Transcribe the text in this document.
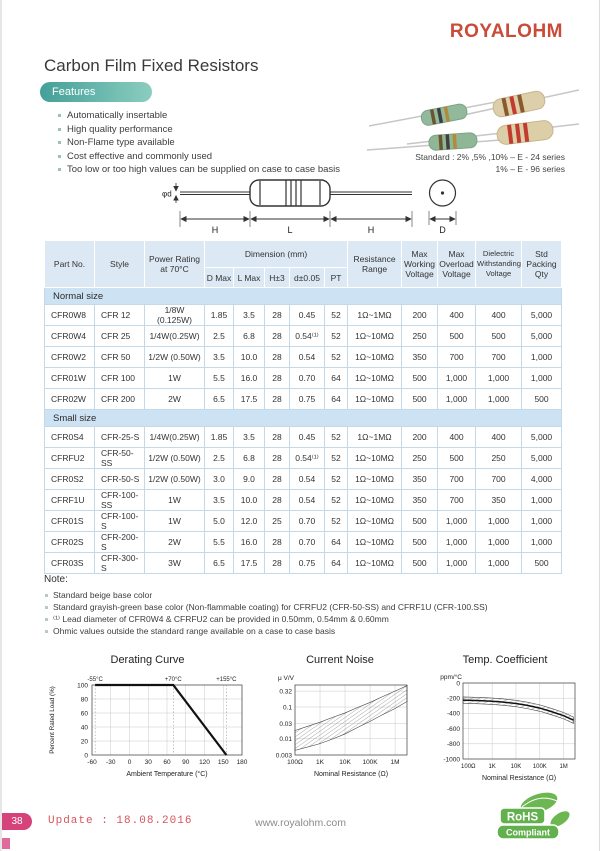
ROYALOHM
Carbon Film Fixed Resistors
Features
Automatically insertable
High quality performance
Non-Flame type available
Cost effective and commonly used
Too low or too high values can be supplied on case to case basis
Standard : 2% ,5% ,10% – E - 24 series
1% – E - 96 series
φd
H	L	H	D
Part No.	Style	Power Rating at 70°C	Dimension (mm)					Resistance Range	Max Working Voltage	Max Overload Voltage	Dielectric Withstanding Voltage	Std Packing Qty
			D Max	L Max	H±3	d±0.05	PT					
Normal size												
CFR0W8	CFR 12	1/8W (0.125W)	1.85	3.5	28	0.45	52	1Ω~1MΩ	200	400	400	5,000
CFR0W4	CFR 25	1/4W(0.25W)	2.5	6.8	28	0.54⁽¹⁾	52	1Ω~10MΩ	250	500	500	5,000
CFR0W2	CFR 50	1/2W (0.50W)	3.5	10.0	28	0.54	52	1Ω~10MΩ	350	700	700	1,000
CFR01W	CFR 100	1W	5.5	16.0	28	0.70	64	1Ω~10MΩ	500	1,000	1,000	1,000
CFR02W	CFR 200	2W	6.5	17.5	28	0.75	64	1Ω~10MΩ	500	1,000	1,000	500
Small size												
CFR0S4	CFR-25-S	1/4W(0.25W)	1.85	3.5	28	0.45	52	1Ω~1MΩ	200	400	400	5,000
CFRFU2	CFR-50-SS	1/2W (0.50W)	2.5	6.8	28	0.54⁽¹⁾	52	1Ω~10MΩ	250	500	250	5,000
CFR0S2	CFR-50-S	1/2W (0.50W)	3.0	9.0	28	0.54	52	1Ω~10MΩ	350	700	700	4,000
CFRF1U	CFR-100-SS	1W	3.5	10.0	28	0.54	52	1Ω~10MΩ	350	700	350	1,000
CFR01S	CFR-100-S	1W	5.0	12.0	25	0.70	52	1Ω~10MΩ	500	1,000	1,000	1,000
CFR02S	CFR-200-S	2W	5.5	16.0	28	0.70	64	1Ω~10MΩ	500	1,000	1,000	1,000
CFR03S	CFR-300-S	3W	6.5	17.5	28	0.75	64	1Ω~10MΩ	500	1,000	1,000	500
Note:
Standard beige base color
Standard grayish-green base color (Non-flammable coating) for CFRFU2 (CFR-50-SS) and CFRF1U (CFR-100.SS)
⁽¹⁾ Lead diameter of CFR0W4 & CFRFU2 can be provided in 0.50mm, 0.54mm & 0.60mm
Ohmic values outside the standard range available on a case to case basis
Derating Curve
-60 -30 0 30 60 90 120 150 180
0
20
40
60
80
100
-55°C	+70°C	+155°C
Ambient Temperature (°C)
Percent Rated Load (%)
Current Noise
100Ω 1K 10K 100K 1M
0.003
0.01
0.03
0.1
0.32
μ V/V
Nominal Resistance (Ω)
Temp. Coefficient
100Ω 1K 10K 100K 1M
0
-200
-400
-600
-800
-1000
ppm/°C
Nominal Resistance (Ω)
38	Update : 18.08.2016	www.royalohm.com	RoHS
Compliant
